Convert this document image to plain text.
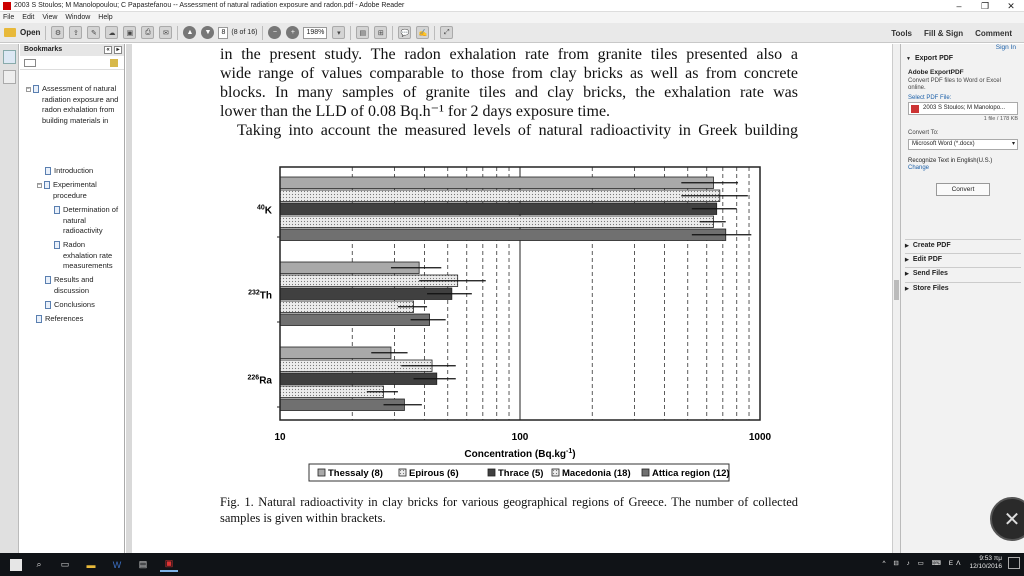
2003 S Stoulos; M Manolopoulou; C Papastefanou -- Assessment of natural radiation exposure and radon.pdf - Adobe Reader	–	❐	✕
File Edit View Window Help
Open	⚙	⇪	✎	☁	▣	⎙	✉	▲	▼	8 (8 of 16)	−	+	198%	▾	▤	⊞	💬	✍	⤢	Tools Fill & Sign Comment
Bookmarks	«	▸
− Assessment of natural radiation exposure and radon exhalation from building materials in
Introduction
− Experimental procedure
Determination of natural radioactivity
Radon exhalation rate measurements
Results and discussion
Conclusions
References
in the present study. The radon exhalation rate from granite tiles presented also a
wide range of values comparable to those from clay bricks as well as from concrete
blocks. In many samples of granite tiles and clay bricks, the exhalation rate was
lower than the LLD of 0.08 Bq.h⁻¹ for 2 days exposure time.
Taking into account the measured levels of natural radioactivity in Greek building
10	100	1000
$^{40}$K
$^{232}$Th
$^{226}$Ra
Concentration $(Bq.kg^{-1})$
Thessaly (8)	Epirous (6)	Thrace (5) Macedonia (18) Attica region (12)
Fig. 1. Natural radioactivity in clay bricks for various geographical regions of Greece. The number of collected samples is given within brackets.
Sign In
▼ Export PDF
Adobe ExportPDF
Convert PDF files to Word or Excel online.
Select PDF File:
2003 S Stoulos; M Manolopo...
1 file / 178 KB
Convert To:
Microsoft Word (*.docx)	▾
Recognize Text in English(U.S.)
Change
Convert
▶ Create PDF
▶ Edit PDF
▶ Send Files
▶ Store Files
✕
⌕	▭	▬	W	▤	▣	^ ⊟ ♪ ▭ ⌨ EΛ
9:53 πμ
12/10/2016
